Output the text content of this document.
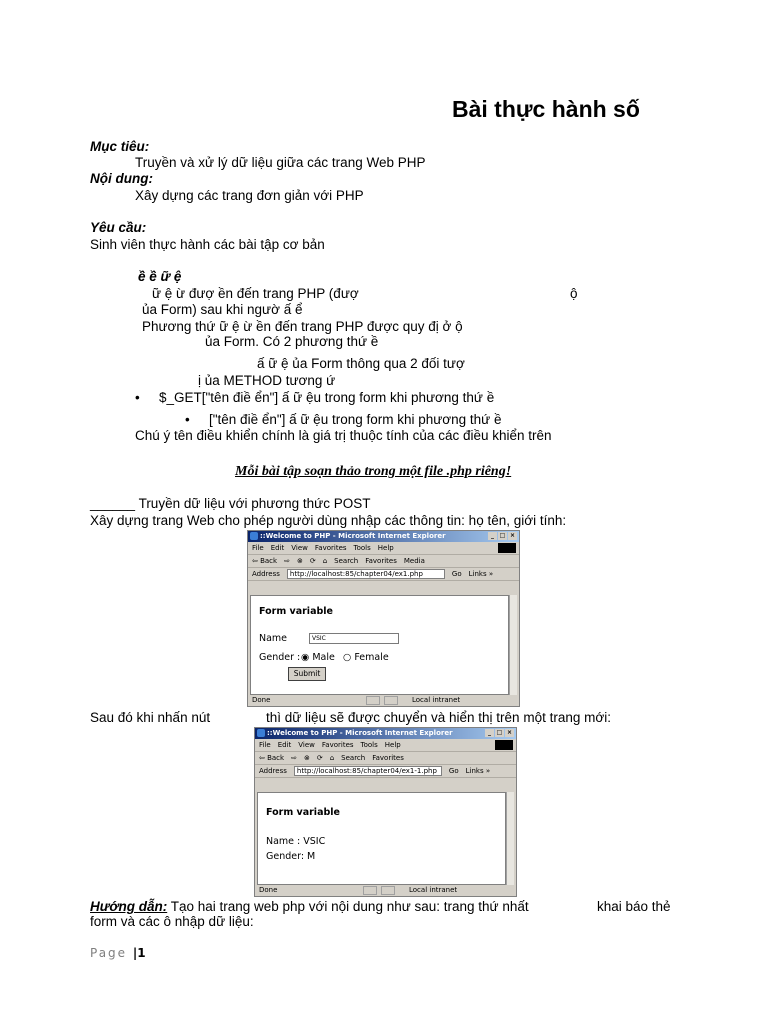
Bài thực hành số
Mục tiêu:
Truyền và xử lý dữ liệu giữa các trang Web PHP
Nội dung:
Xây dựng các trang đơn giản với PHP
Yêu cầu:
Sinh viên thực hành các bài tập cơ bản
ề ề ữ ệ
ữ ệ ừ đượ ền đến trang PHP (đượ	ộ
ủa Form) sau khi ngườ ấ ể
Phương thứ ữ ệ ừ ền đến trang PHP được quy đị ở ộ
ủa Form. Có 2 phương thứ ề
ấ ữ ệ ủa Form thông qua 2 đối tượ
ị ủa METHOD tương ứ
• $_GET["tên điề ển"] ấ ữ ệu trong form khi phương thứ ề
• ["tên điề ển"] ấ ữ ệu trong form khi phương thứ ề
Chú ý tên điều khiển chính là giá trị thuộc tính của các điều khiển trên
Mỗi bài tập soạn thảo trong một file .php riêng!
______ Truyền dữ liệu với phương thức POST
Xây dựng trang Web cho phép người dùng nhập các thông tin: họ tên, giới tính:
::Welcome to PHP - Microsoft Internet Explorer	_ □ ×
File Edit View Favorites Tools Help
⇦ Back ⇨ ⊗ ⟳ ⌂ Search Favorites Media
Address	http://localhost:85/chapter04/ex1.php	Go Links »
Form variable
Name	VSIC
Gender : ◉ Male ○ Female
Submit
Done	Local intranet
Sau đó khi nhấn nút	thì dữ liệu sẽ được chuyển và hiển thị trên một trang mới:
::Welcome to PHP - Microsoft Internet Explorer	_ □ ×
File Edit View Favorites Tools Help
⇦ Back ⇨ ⊗ ⟳ ⌂ Search Favorites
Address	http://localhost:85/chapter04/ex1-1.php	Go Links »
Form variable
Name : VSIC
Gender: M
Done	Local intranet
Hướng dẫn: Tạo hai trang web php với nội dung như sau: trang thứ nhất	khai báo thẻ
form và các ô nhập dữ liệu:
Page |1
